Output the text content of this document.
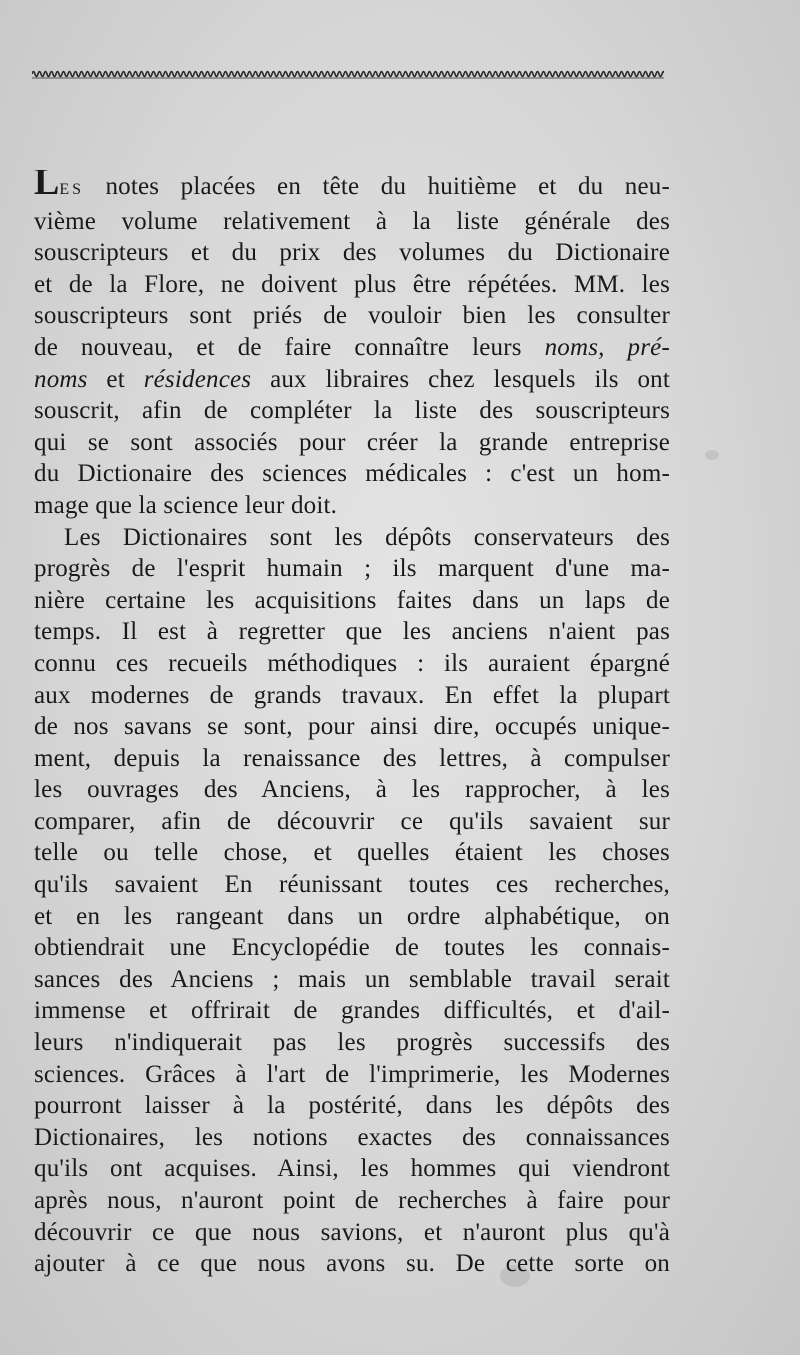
LES notes placées en tête du huitième et du neu-
vième volume relativement à la liste générale des
souscripteurs et du prix des volumes du Dictionaire
et de la Flore, ne doivent plus être répétées. MM. les
souscripteurs sont priés de vouloir bien les consulter
de nouveau, et de faire connaître leurs noms, pré-
noms et résidences aux libraires chez lesquels ils ont
souscrit, afin de compléter la liste des souscripteurs
qui se sont associés pour créer la grande entreprise
du Dictionaire des sciences médicales : c'est un hom-
mage que la science leur doit.
Les Dictionaires sont les dépôts conservateurs des
progrès de l'esprit humain ; ils marquent d'une ma-
nière certaine les acquisitions faites dans un laps de
temps. Il est à regretter que les anciens n'aient pas
connu ces recueils méthodiques : ils auraient épargné
aux modernes de grands travaux. En effet la plupart
de nos savans se sont, pour ainsi dire, occupés unique-
ment, depuis la renaissance des lettres, à compulser
les ouvrages des Anciens, à les rapprocher, à les
comparer, afin de découvrir ce qu'ils savaient sur
telle ou telle chose, et quelles étaient les choses
qu'ils savaient En réunissant toutes ces recherches,
et en les rangeant dans un ordre alphabétique, on
obtiendrait une Encyclopédie de toutes les connais-
sances des Anciens ; mais un semblable travail serait
immense et offrirait de grandes difficultés, et d'ail-
leurs n'indiquerait pas les progrès successifs des
sciences. Grâces à l'art de l'imprimerie, les Modernes
pourront laisser à la postérité, dans les dépôts des
Dictionaires, les notions exactes des connaissances
qu'ils ont acquises. Ainsi, les hommes qui viendront
après nous, n'auront point de recherches à faire pour
découvrir ce que nous savions, et n'auront plus qu'à
ajouter à ce que nous avons su. De cette sorte on
